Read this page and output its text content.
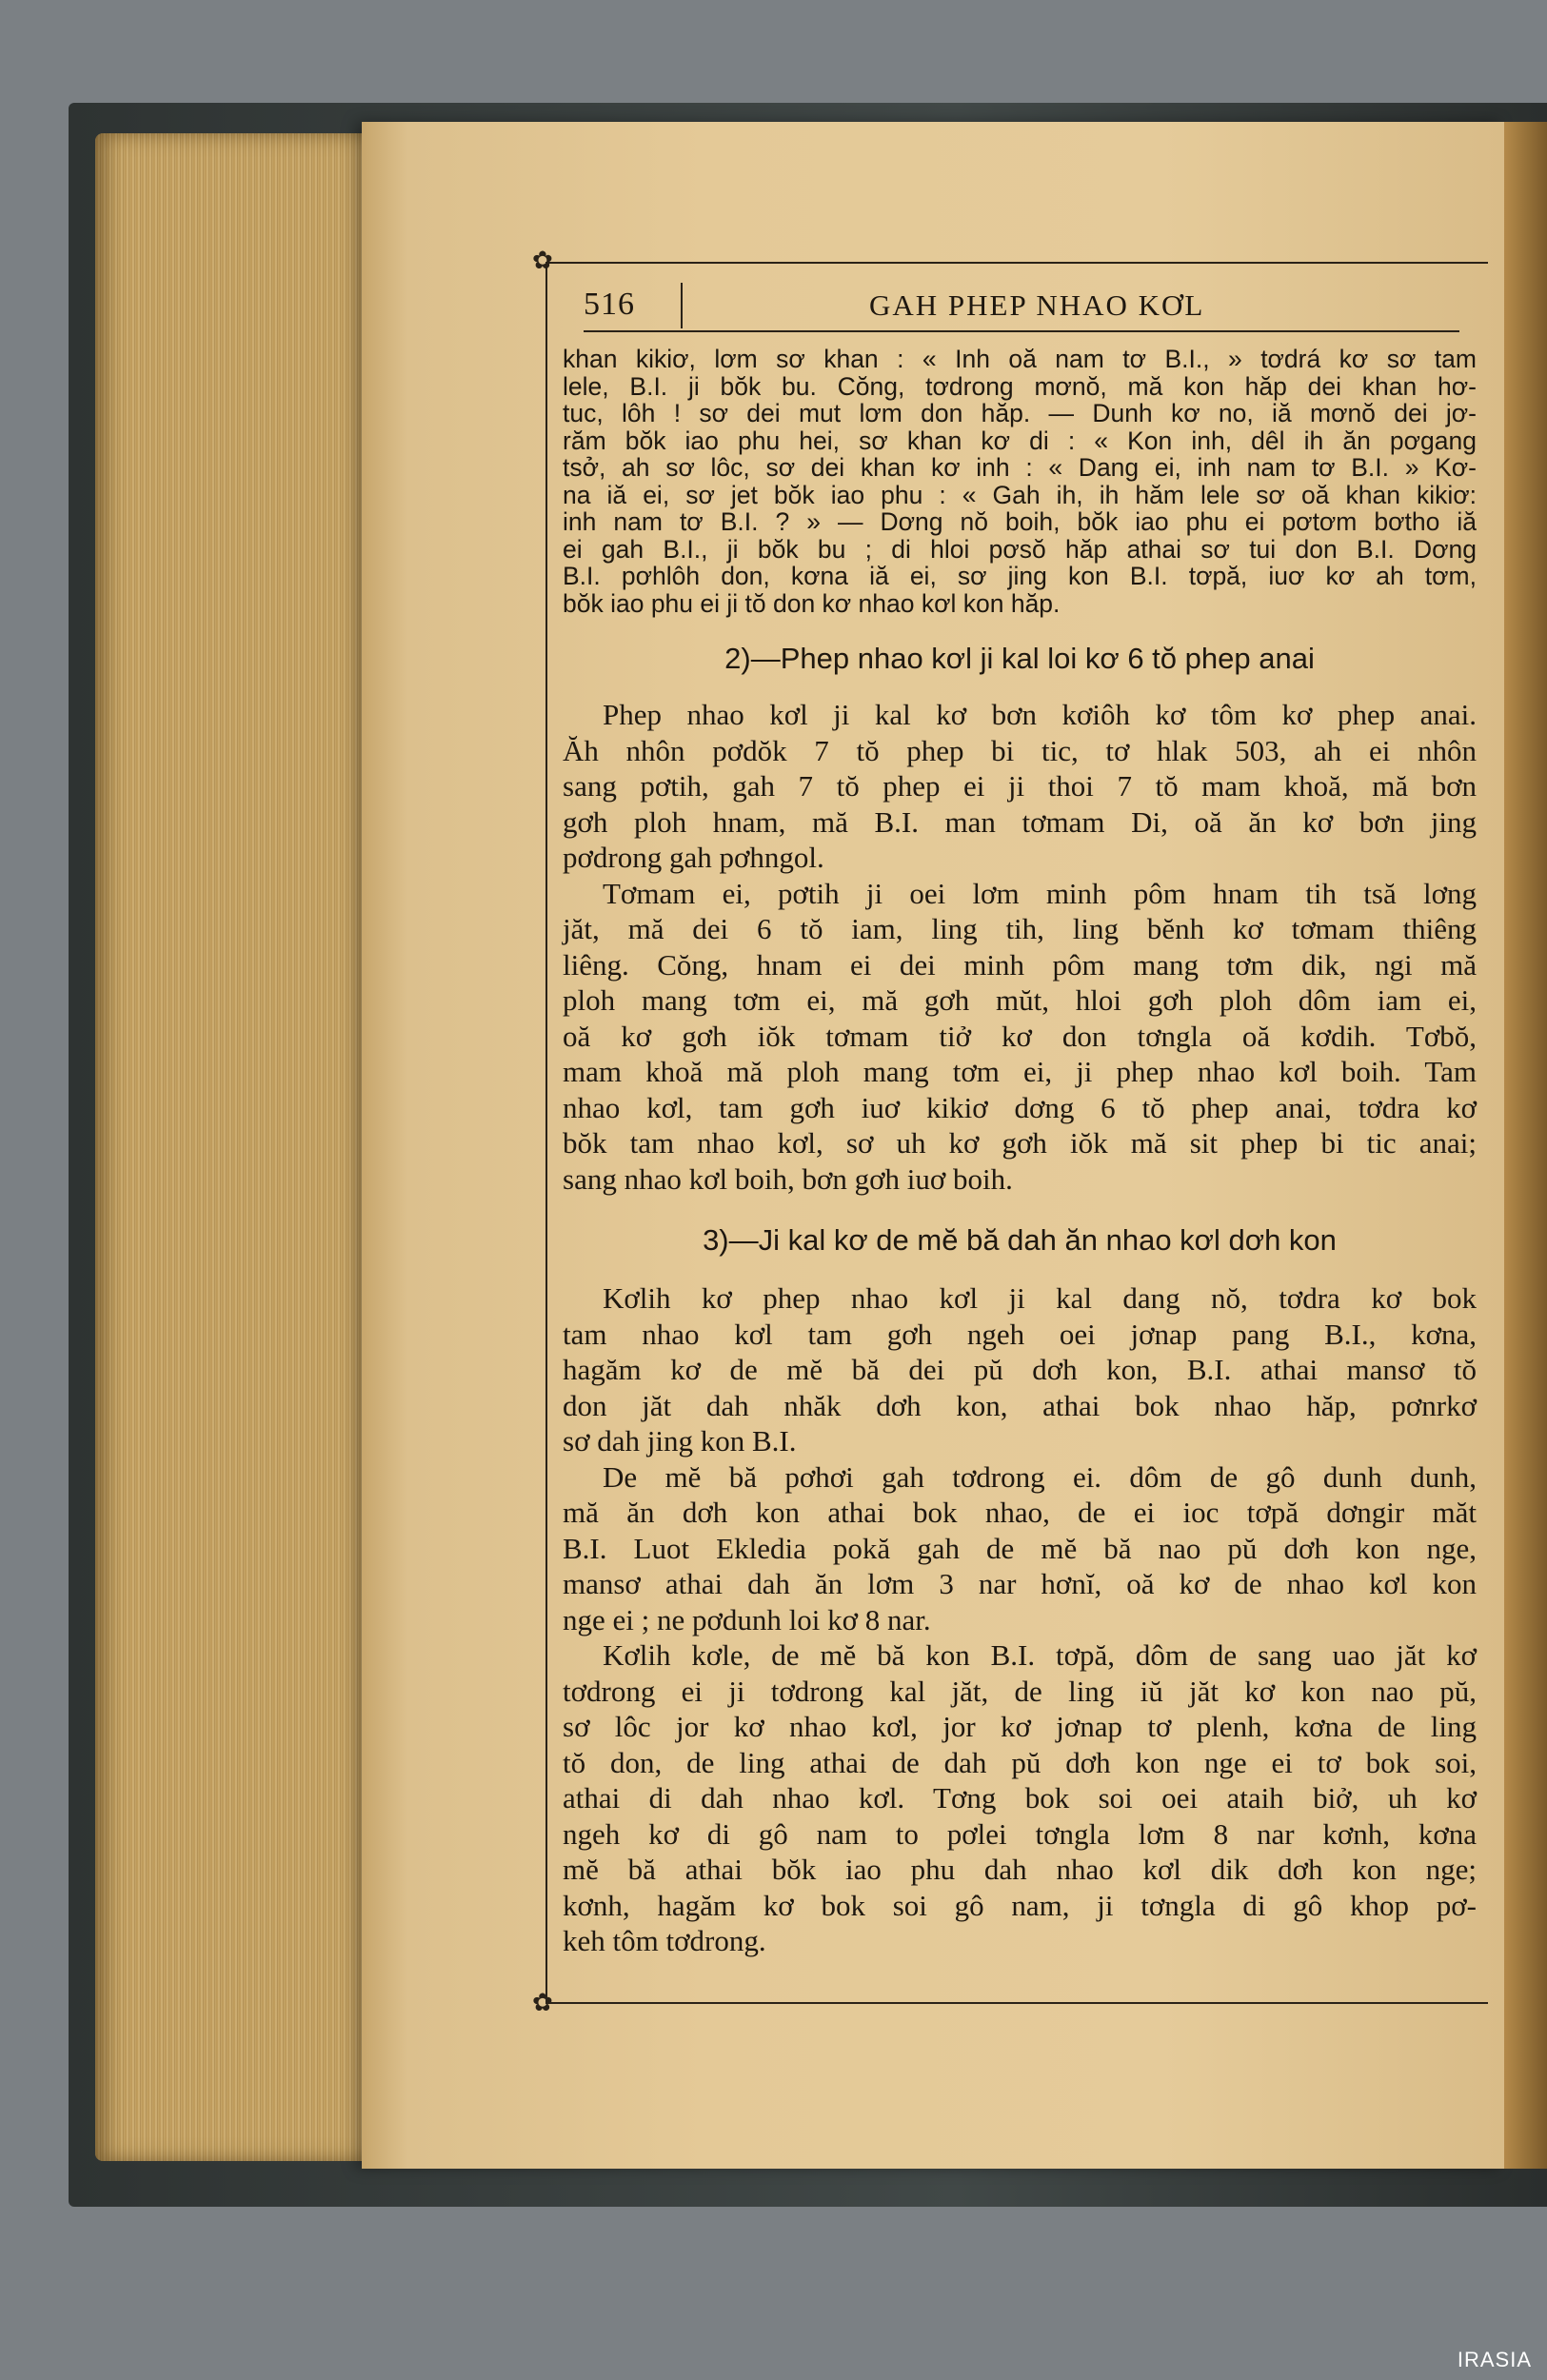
✿
✿
516	GAH PHEP NHAO KƠL

khan kikiơ, lơm sơ khan : « Inh oă nam tơ B.I., » tơdrá kơ sơ tam
lele, B.I. ji bŏk bu. Cŏng, tơdrong mơnŏ, mă kon hăp dei khan hơ-
tuc, lôh ! sơ dei mut lơm don hăp. — Dunh kơ no, iă mơnŏ dei jơ-
răm bŏk iao phu hei, sơ khan kơ di : « Kon inh, dêl ih ăn pơgang
tsở, ah sơ lôc, sơ dei khan kơ inh : « Dang ei, inh nam tơ B.I. » Kơ-
na iă ei, sơ jet bŏk iao phu : « Gah ih, ih hăm lele sơ oă khan kikiơ:
inh nam tơ B.I. ? » — Dơng nŏ boih, bŏk iao phu ei pơtơm bơtho iă
ei gah B.I., ji bŏk bu ; di hloi pơsŏ hăp athai sơ tui don B.I. Dơng
B.I. pơhlôh don, kơna iă ei, sơ jing kon B.I. tơpă, iuơ kơ ah tơm,
bŏk iao phu ei ji tŏ don kơ nhao kơl kon hăp.

2)—Phep nhao kơl ji kal loi kơ 6 tŏ phep anai
Phep nhao kơl ji kal kơ bơn kơiôh kơ tôm kơ phep anai.
Ăh nhôn pơdŏk 7 tŏ phep bi tic, tơ hlak 503, ah ei nhôn
sang pơtih, gah 7 tŏ phep ei ji thoi 7 tŏ mam khoă, mă bơn
gơh ploh hnam, mă B.I. man tơmam Di, oă ăn kơ bơn jing
pơdrong gah pơhngol.
Tơmam ei, pơtih ji oei lơm minh pôm hnam tih tsă lơng
jăt, mă dei 6 tŏ iam, ling tih, ling bĕnh kơ tơmam thiêng
liêng. Cŏng, hnam ei dei minh pôm mang tơm dik, ngi mă
ploh mang tơm ei, mă gơh mŭt, hloi gơh ploh dôm iam ei,
oă kơ gơh iŏk tơmam tiở kơ don tơngla oă kơdih. Tơbŏ,
mam khoă mă ploh mang tơm ei, ji phep nhao kơl boih. Tam
nhao kơl, tam gơh iuơ kikiơ dơng 6 tŏ phep anai, tơdra kơ
bŏk tam nhao kơl, sơ uh kơ gơh iŏk mă sit phep bi tic anai;
sang nhao kơl boih, bơn gơh iuơ boih.
3)—Ji kal kơ de mĕ bă dah ăn nhao kơl dơh kon
Kơlih kơ phep nhao kơl ji kal dang nŏ, tơdra kơ bok
tam nhao kơl tam gơh ngeh oei jơnap pang B.I., kơna,
hagăm kơ de mĕ bă dei pŭ dơh kon, B.I. athai mansơ tŏ
don jăt dah nhăk dơh kon, athai bok nhao hăp, pơnrkơ
sơ dah jing kon B.I.
De mĕ bă pơhơi gah tơdrong ei. dôm de gô dunh dunh,
mă ăn dơh kon athai bok nhao, de ei ioc tơpă dơngir măt
B.I. Luot Ekledia pokă gah de mĕ bă nao pŭ dơh kon nge,
mansơ athai dah ăn lơm 3 nar hơnĭ, oă kơ de nhao kơl kon
nge ei ; ne pơdunh loi kơ 8 nar.
Kơlih kơle, de mĕ bă kon B.I. tơpă, dôm de sang uao jăt kơ
tơdrong ei ji tơdrong kal jăt, de ling iŭ jăt kơ kon nao pŭ,
sơ lôc jor kơ nhao kơl, jor kơ jơnap tơ plenh, kơna de ling
tŏ don, de ling athai de dah pŭ dơh kon nge ei tơ bok soi,
athai di dah nhao kơl. Tơng bok soi oei ataih biở, uh kơ
ngeh kơ di gô nam to pơlei tơngla lơm 8 nar kơnh, kơna
mĕ bă athai bŏk iao phu dah nhao kơl dik dơh kon nge;
kơnh, hagăm kơ bok soi gô nam, ji tơngla di gô khop pơ-
keh tôm tơdrong.
IRASIA
